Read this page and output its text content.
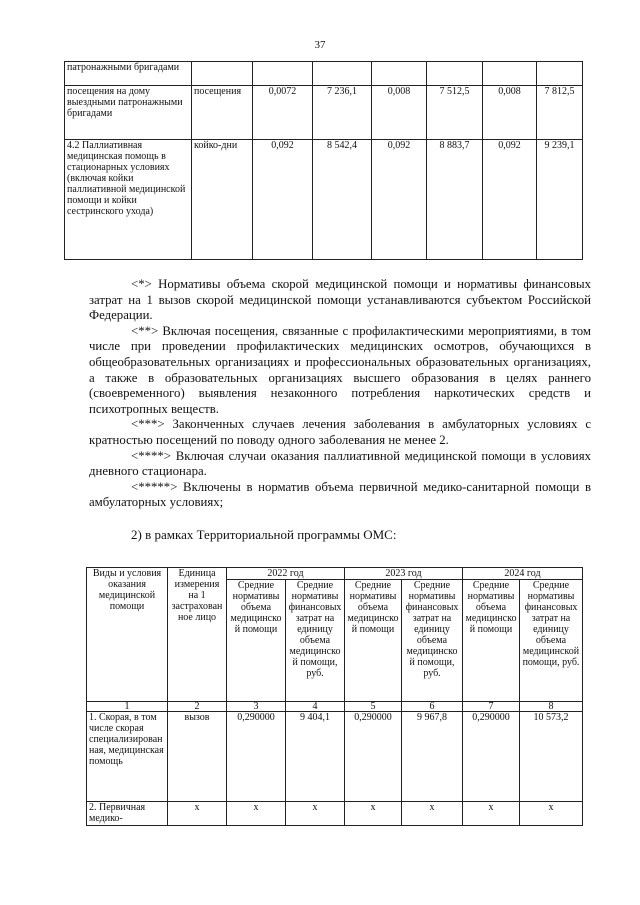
37
патронажными бригадами							
посещения на дому выездными патронажными бригадами	посещения	0,0072	7 236,1	0,008	7 512,5	0,008	7 812,5
4.2 Паллиативная медицинская помощь в стационарных условиях (включая койки паллиативной медицинской помощи и койки сестринского ухода)	койко-дни	0,092	8 542,4	0,092	8 883,7	0,092	9 239,1

<*> Нормативы объема скорой медицинской помощи и нормативы финансовых затрат на 1 вызов скорой медицинской помощи устанавливаются субъектом Российской Федерации.

<**> Включая посещения, связанные с профилактическими мероприятиями, в том числе при проведении профилактических медицинских осмотров, обучающихся в общеобразовательных организациях и профессиональных образовательных организациях, а также в образовательных организациях высшего образования в целях раннего (своевременного) выявления незаконного потребления наркотических средств и психотропных веществ.

<***> Законченных случаев лечения заболевания в амбулаторных условиях с кратностью посещений по поводу одного заболевания не менее 2.

<****> Включая случаи оказания паллиативной медицинской помощи в условиях дневного стационара.

<*****> Включены в норматив объема первичной медико-санитарной помощи в амбулаторных условиях;

2) в рамках Территориальной программы ОМС:
Виды и условия оказания медицинской помощи	Единица измерения на 1 застрахованное лицо	2022 год		2023 год		2024 год	
		Средние нормативы объема медицинской помощи	Средние нормативы финансовых затрат на единицу объема медицинской помощи, руб.	Средние нормативы объема медицинской помощи	Средние нормативы финансовых затрат на единицу объема медицинской помощи, руб.	Средние нормативы объема медицинской помощи	Средние нормативы финансовых затрат на единицу объема медицинской помощи, руб.
1	2	3	4	5	6	7	8
1. Скорая, в том числе скорая специализированная, медицинская помощь	вызов	0,290000	9 404,1	0,290000	9 967,8	0,290000	10 573,2
2. Первичная медико-	х	х	х	х	х	х	х
